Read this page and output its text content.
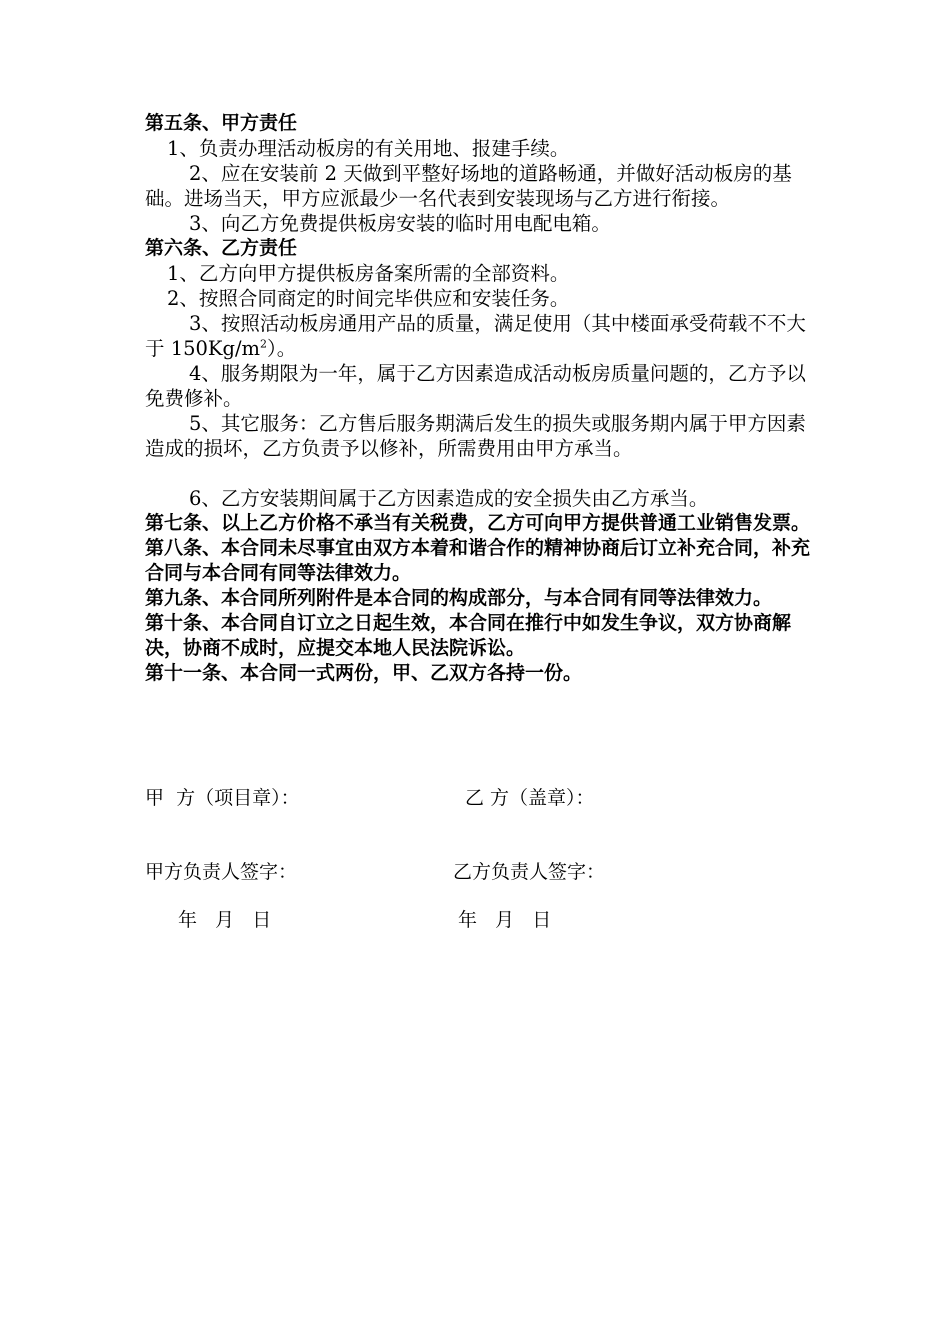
第五条、甲方责任

1、负责办理活动板房的有关用地、报建手续。

2、应在安装前 2 天做到平整好场地的道路畅通，并做好活动板房的基础。进场当天，甲方应派最少一名代表到安装现场与乙方进行衔接。

3、向乙方免费提供板房安装的临时用电配电箱。

第六条、乙方责任

1、乙方向甲方提供板房备案所需的全部资料。

2、按照合同商定的时间完毕供应和安装任务。

3、按照活动板房通用产品的质量，满足使用（其中楼面承受荷载不不大于 $150Kg/m^2$）。

4、服务期限为一年，属于乙方因素造成活动板房质量问题的，乙方予以免费修补。

5、其它服务：乙方售后服务期满后发生的损失或服务期内属于甲方因素造成的损坏，乙方负责予以修补，所需费用由甲方承当。

6、乙方安装期间属于乙方因素造成的安全损失由乙方承当。

第七条、以上乙方价格不承当有关税费，乙方可向甲方提供普通工业销售发票。

第八条、本合同未尽事宜由双方本着和谐合作的精神协商后订立补充合同，补充合同与本合同有同等法律效力。

第九条、本合同所列附件是本合同的构成部分，与本合同有同等法律效力。

第十条、本合同自订立之日起生效，本合同在推行中如发生争议，双方协商解决，协商不成时，应提交本地人民法院诉讼。

第十一条、本合同一式两份，甲、乙双方各持一份。

甲  方（项目章）：	乙 方（盖章）：
甲方负责人签字：	乙方负责人签字：
年   月   日	年   月   日
